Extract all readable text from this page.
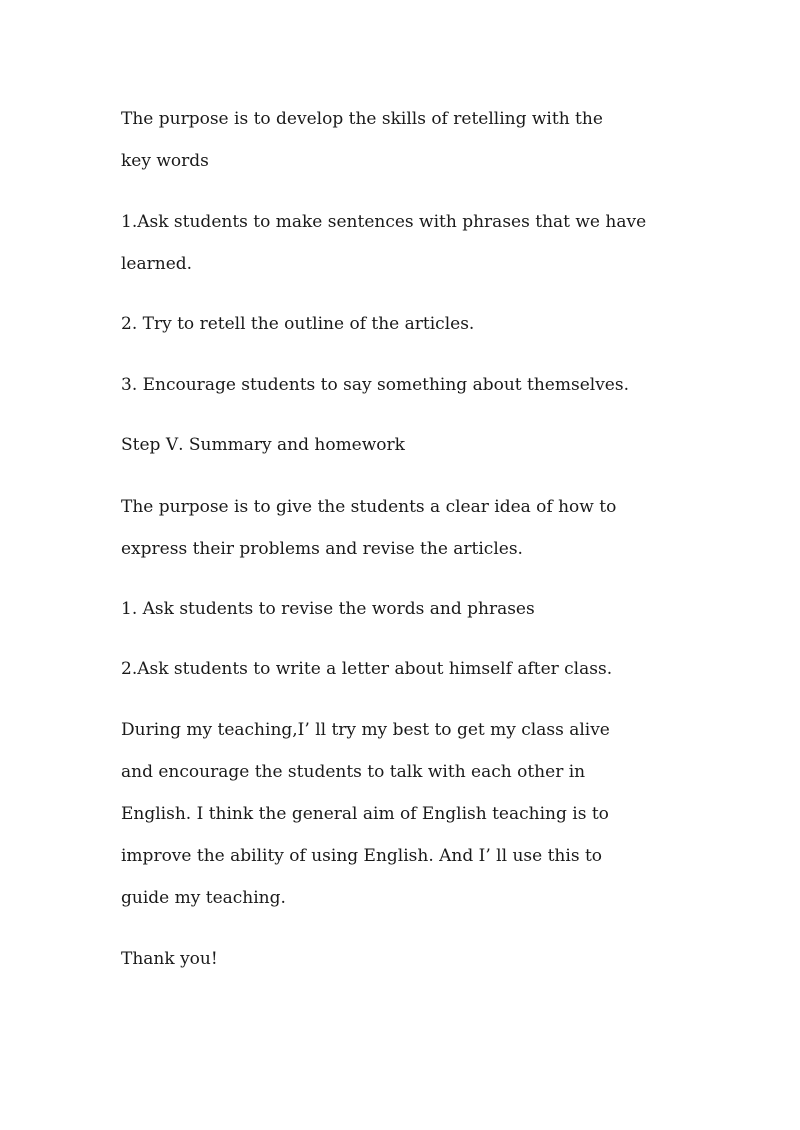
The purpose is to develop the skills of retelling with the
key words

1.Ask students to make sentences with phrases that we have
learned.

2. Try to retell the outline of the articles.

3. Encourage students to say something about themselves.

Step Ⅴ. Summary and homework

The purpose is to give the students a clear idea of how to
express their problems and revise the articles.

1. Ask students to revise the words and phrases

2.Ask students to write a letter about himself after class.

During my teaching,I’ ll try my best to get my class alive
and encourage the students to talk with each other in
English. I think the general aim of English teaching is to
improve the ability of using English. And I’ ll use this to
guide my teaching.

Thank you!
